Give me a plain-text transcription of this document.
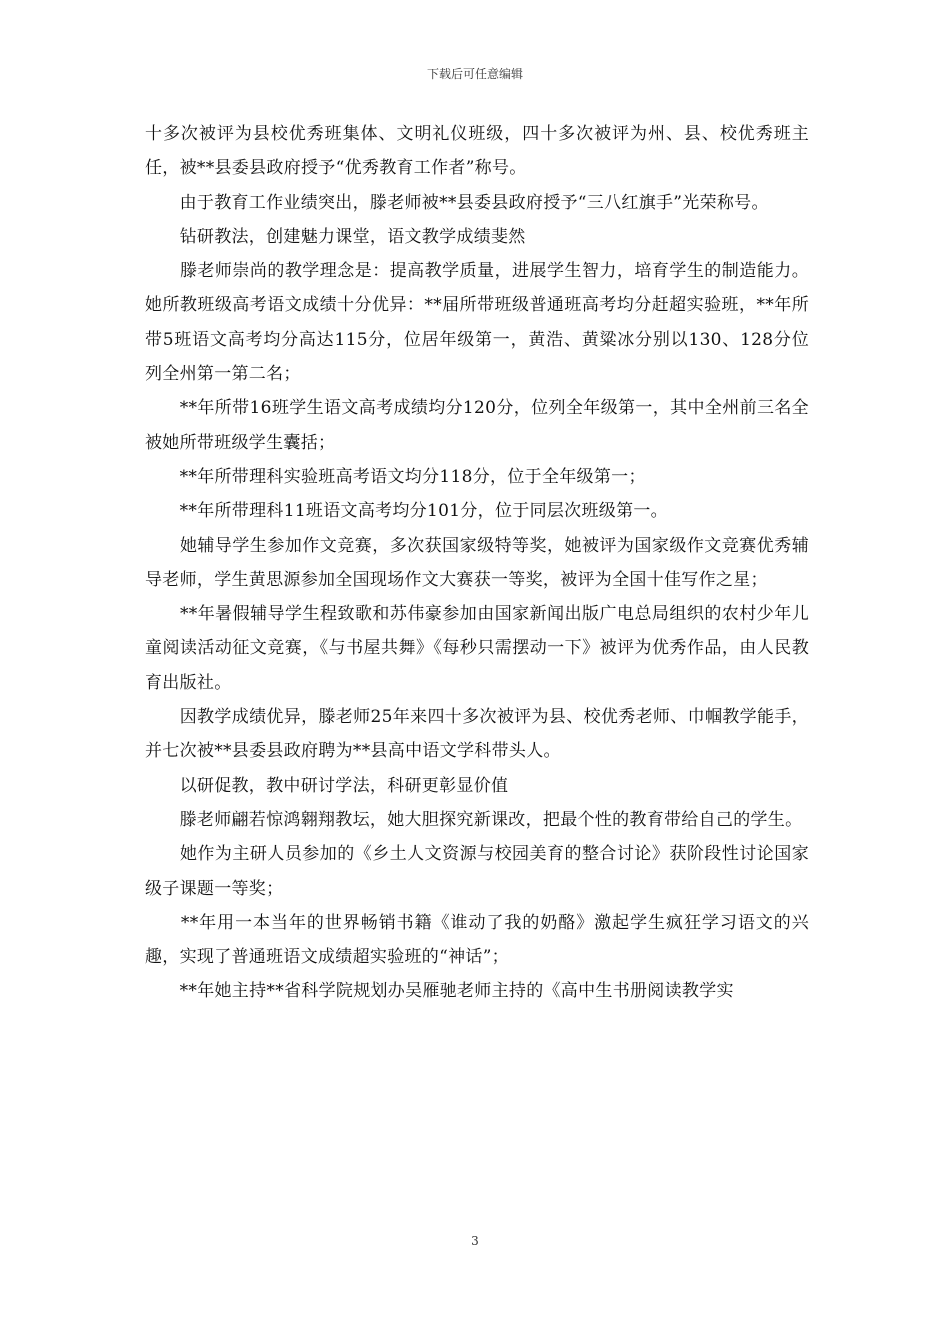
下载后可任意编辑

十多次被评为县校优秀班集体、文明礼仪班级，四十多次被评为州、县、校优秀班主任，被**县委县政府授予“优秀教育工作者”称号。

　　由于教育工作业绩突出，滕老师被**县委县政府授予“三八红旗手”光荣称号。

　　钻研教法，创建魅力课堂，语文教学成绩斐然

　　滕老师崇尚的教学理念是：提高教学质量，进展学生智力，培育学生的制造能力。她所教班级高考语文成绩十分优异：**届所带班级普通班高考均分赶超实验班，**年所带5班语文高考均分高达115分，位居年级第一，黄浩、黄粱冰分别以130、128分位列全州第一第二名；

　　**年所带16班学生语文高考成绩均分120分，位列全年级第一，其中全州前三名全被她所带班级学生囊括；

　　**年所带理科实验班高考语文均分118分，位于全年级第一；

　　**年所带理科11班语文高考均分101分，位于同层次班级第一。

　　她辅导学生参加作文竞赛，多次获国家级特等奖，她被评为国家级作文竞赛优秀辅导老师，学生黄思源参加全国现场作文大赛获一等奖，被评为全国十佳写作之星；

　　**年暑假辅导学生程致歌和苏伟豪参加由国家新闻出版广电总局组织的农村少年儿童阅读活动征文竞赛，《与书屋共舞》《每秒只需摆动一下》被评为优秀作品，由人民教育出版社。

　　因教学成绩优异，滕老师25年来四十多次被评为县、校优秀老师、巾帼教学能手，并七次被**县委县政府聘为**县高中语文学科带头人。

　　以研促教，教中研讨学法，科研更彰显价值

　　滕老师翩若惊鸿翱翔教坛，她大胆探究新课改，把最个性的教育带给自己的学生。

　　她作为主研人员参加的《乡土人文资源与校园美育的整合讨论》获阶段性讨论国家级子课题一等奖；

　　**年用一本当年的世界畅销书籍《谁动了我的奶酪》激起学生疯狂学习语文的兴趣，实现了普通班语文成绩超实验班的“神话”；

　　**年她主持**省科学院规划办吴雁驰老师主持的《高中生书册阅读教学实

3
